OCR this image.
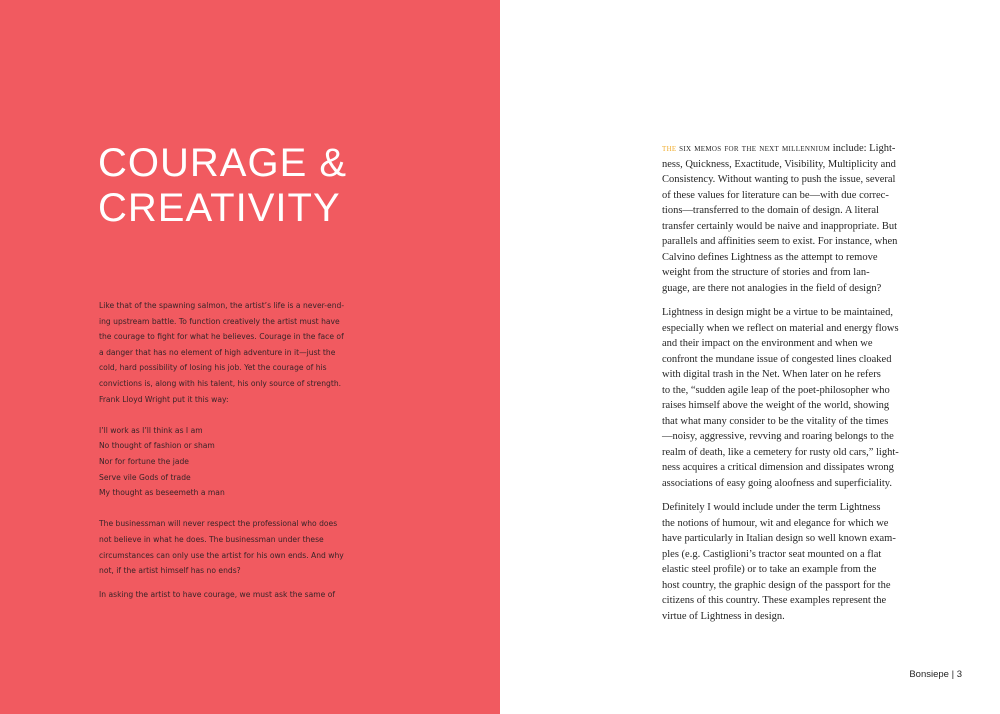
COURAGE &
CREATIVITY
Like that of the spawning salmon, the artist’s life is a never-end-
ing upstream battle. To function creatively the artist must have
the courage to fight for what he believes. Courage in the face of
a danger that has no element of high adventure in it—just the
cold, hard possibility of losing his job. Yet the courage of his
convictions is, along with his talent, his only source of strength.
Frank Lloyd Wright put it this way:
I’ll work as I’ll think as I am
No thought of fashion or sham
Nor for fortune the jade
Serve vile Gods of trade
My thought as beseemeth a man
The businessman will never respect the professional who does
not believe in what he does. The businessman under these
circumstances can only use the artist for his own ends. And why
not, if the artist himself has no ends?
In asking the artist to have courage, we must ask the same of
the six memos for the next millennium include: Light-
ness, Quickness, Exactitude, Visibility, Multiplicity and
Consistency. Without wanting to push the issue, several
of these values for literature can be—with due correc-
tions—transferred to the domain of design. A literal
transfer certainly would be naive and inappropriate. But
parallels and affinities seem to exist. For instance, when
Calvino defines Lightness as the attempt to remove
weight from the structure of stories and from lan-
guage, are there not analogies in the field of design?
Lightness in design might be a virtue to be maintained,
especially when we reflect on material and energy flows
and their impact on the environment and when we
confront the mundane issue of congested lines cloaked
with digital trash in the Net. When later on he refers
to the, “sudden agile leap of the poet-philosopher who
raises himself above the weight of the world, showing
that what many consider to be the vitality of the times
—noisy, aggressive, revving and roaring belongs to the
realm of death, like a cemetery for rusty old cars,” light-
ness acquires a critical dimension and dissipates wrong
associations of easy going aloofness and superficiality.
Definitely I would include under the term Lightness
the notions of humour, wit and elegance for which we
have particularly in Italian design so well known exam-
ples (e.g. Castiglioni’s tractor seat mounted on a flat
elastic steel profile) or to take an example from the
host country, the graphic design of the passport for the
citizens of this country. These examples represent the
virtue of Lightness in design.
Bonsiepe | 3
